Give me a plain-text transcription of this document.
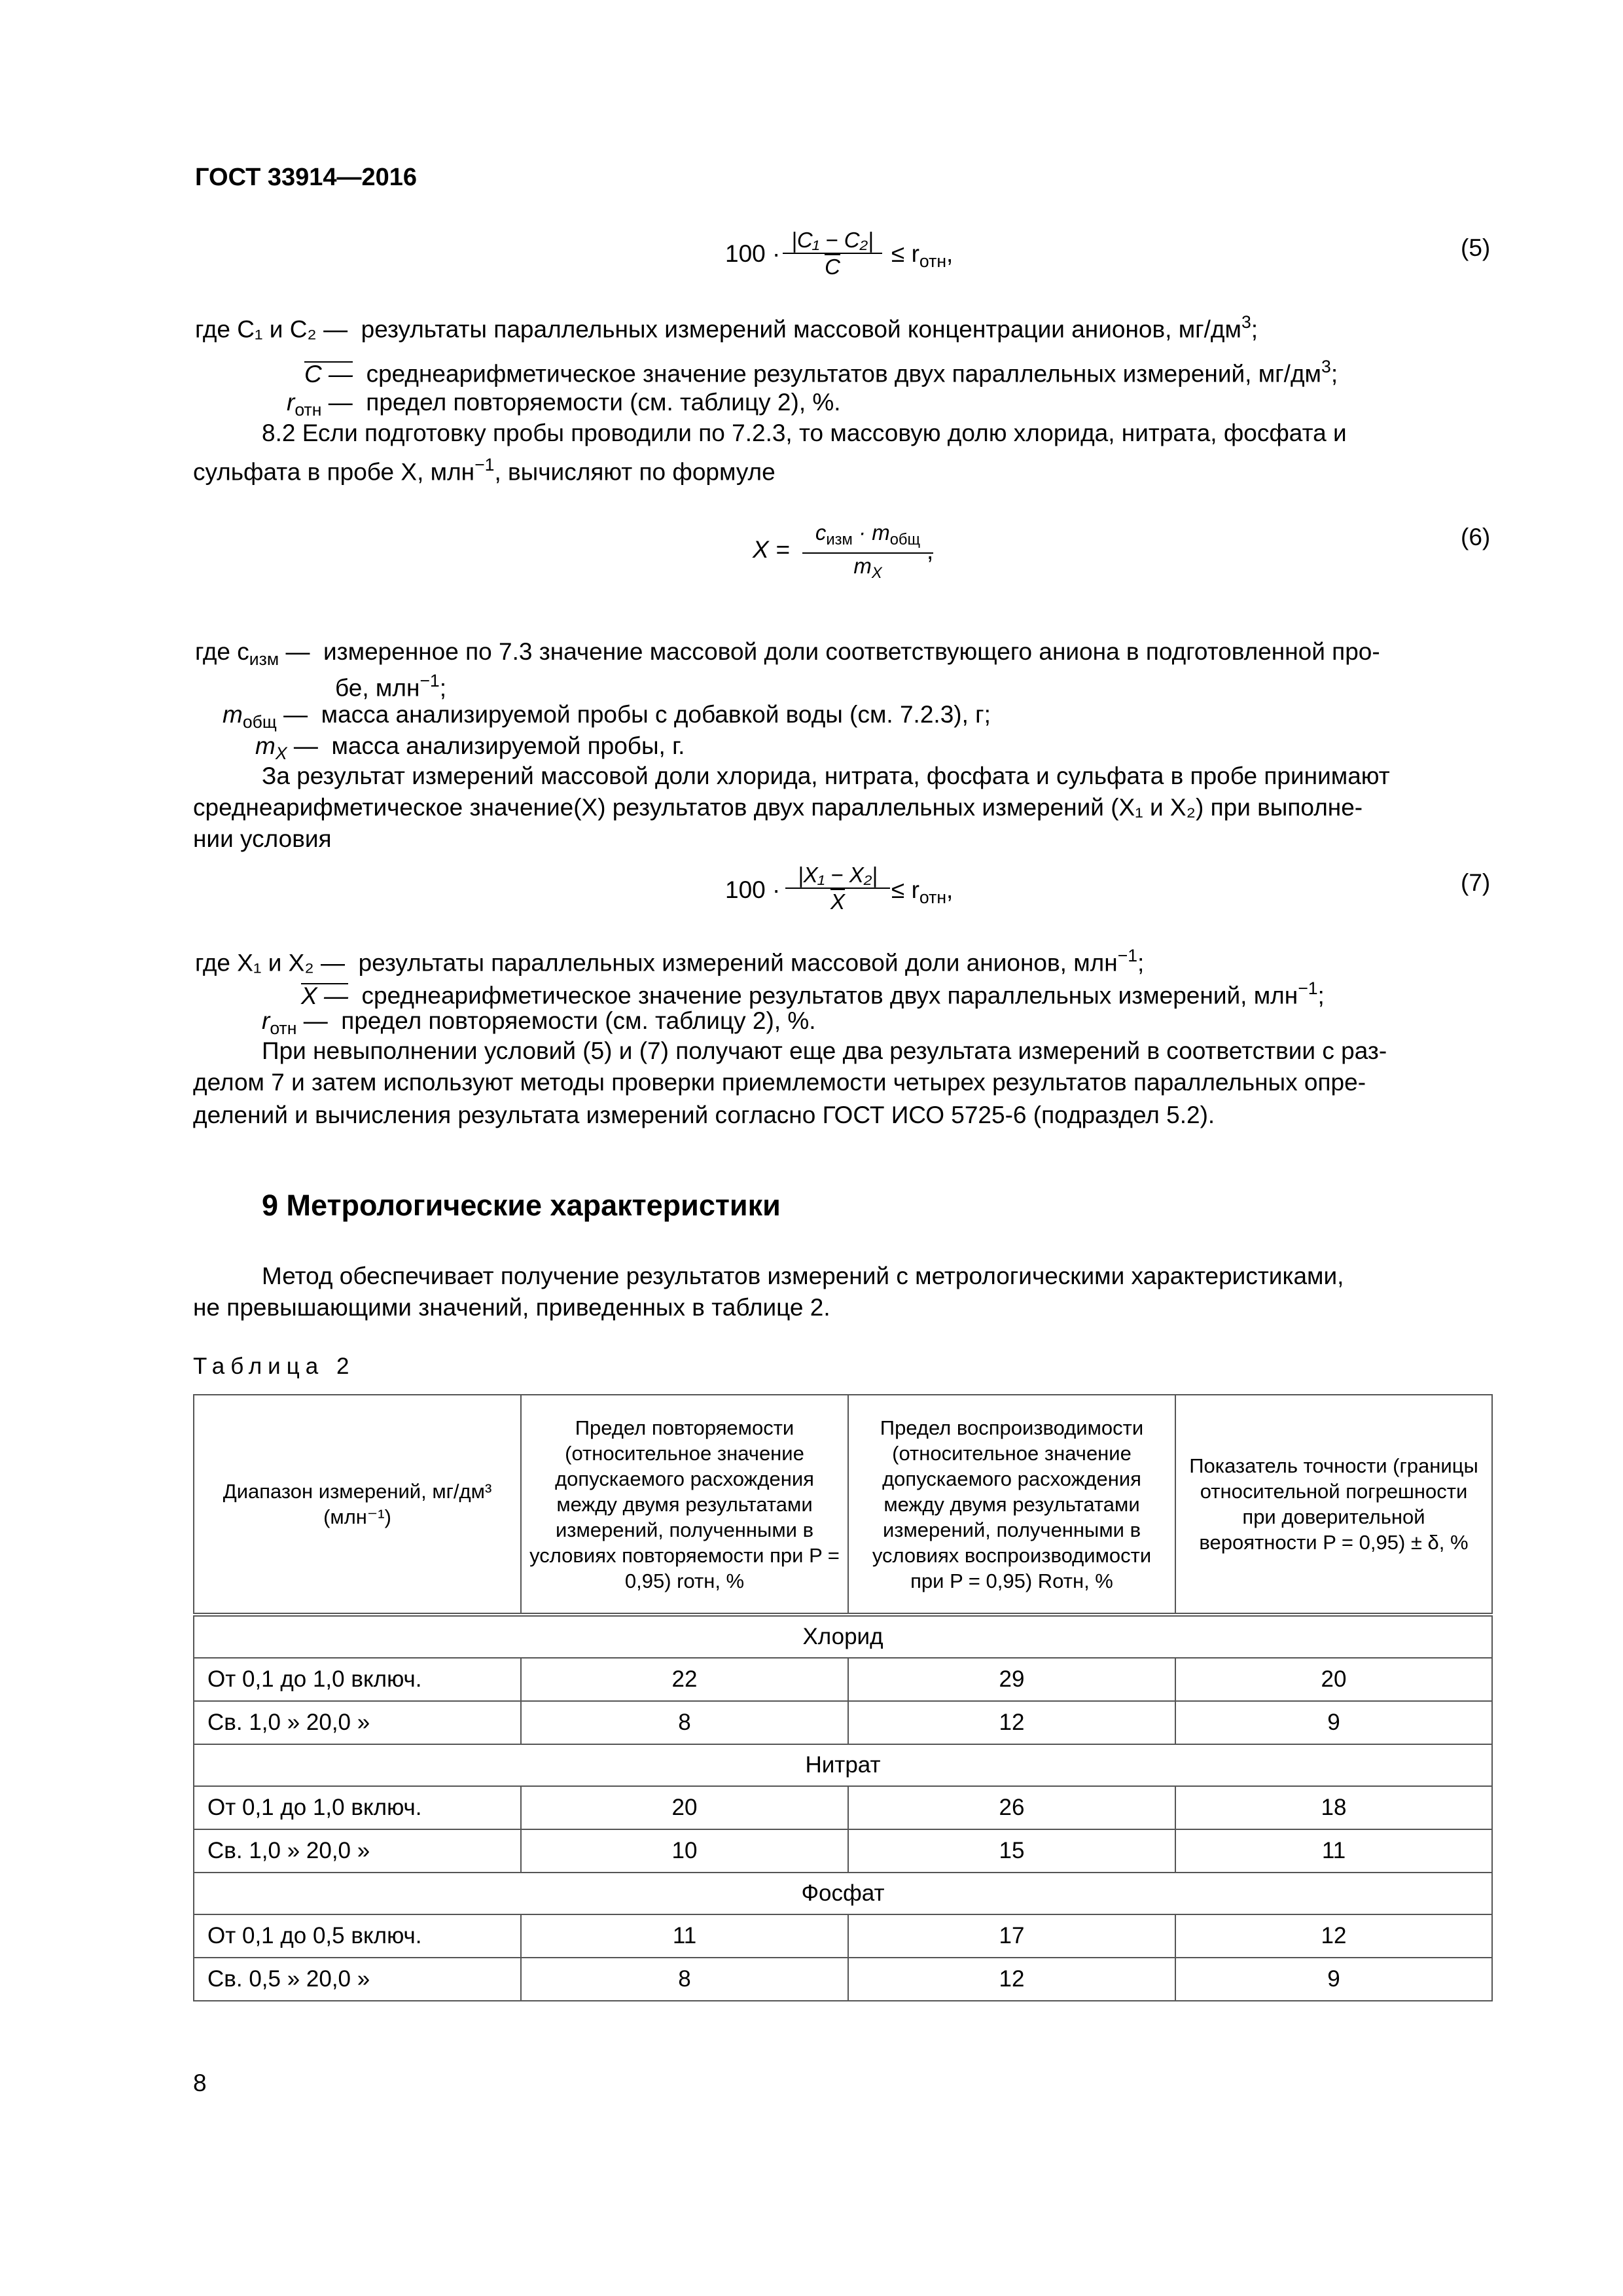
ГОСТ 33914—2016
100 ·
|C₁ − C₂|
C	≤ $r_{отн}$,	(5)
где C₁ и C₂ — результаты параллельных измерений массовой концентрации анионов, $мг/дм^3$;
C — среднеарифметическое значение результатов двух параллельных измерений, $мг/дм^3$;
$r_{отн}$ — предел повторяемости (см. таблицу 2), %.
8.2 Если подготовку пробы проводили по 7.2.3, то массовую долю хлорида, нитрата, фосфата и
сульфата в пробе X, млн$^{-1}$, вычисляют по формуле
X =
$c_{изм} \cdot m_{общ}$
$m_X$
,
(6)
где $c_{изм}$ — измеренное по 7.3 значение массовой доли соответствующего аниона в подготовленной про-
бе, млн$^{-1}$;
$m_{общ}$ — масса анализируемой пробы с добавкой воды (см. 7.2.3), г;
$m_X$ — масса анализируемой пробы, г.
За результат измерений массовой доли хлорида, нитрата, фосфата и сульфата в пробе принимают
среднеарифметическое значение(X) результатов двух параллельных измерений (X₁ и X₂) при выполне-
нии условия
100 ·
|X₁ − X₂|
X	≤ $r_{отн}$,	(7)
где X₁ и X₂ — результаты параллельных измерений массовой доли анионов, млн$^{-1}$;
X — среднеарифметическое значение результатов двух параллельных измерений, млн$^{-1}$;
$r_{отн}$ — предел повторяемости (см. таблицу 2), %.
При невыполнении условий (5) и (7) получают еще два результата измерений в соответствии с раз-
делом 7 и затем используют методы проверки приемлемости четырех результатов параллельных опре-
делений и вычисления результата измерений согласно ГОСТ ИСО 5725-6 (подраздел 5.2).
9 Метрологические характеристики
Метод обеспечивает получение результатов измерений с метрологическими характеристиками,
не превышающими значений, приведенных в таблице 2.
Таблица 2
Диапазон измерений, мг/дм³ (млн⁻¹)	Предел повторяемости (относительное значение допускаемого расхождения между двумя результатами измерений, полученными в условиях повторяемости при P = 0,95) rотн, %	Предел воспроизводимости (относительное значение допускаемого расхождения между двумя результатами измерений, полученными в условиях воспроизводимости при P = 0,95) Rотн, %	Показатель точности (границы относительной погрешности при доверительной вероятности P = 0,95) ± δ, %
Хлорид			
От 0,1 до 1,0 включ.	22	29	20
Св. 1,0 » 20,0 »	8	12	9
Нитрат			
От 0,1 до 1,0 включ.	20	26	18
Св. 1,0 » 20,0 »	10	15	11
Фосфат			
От 0,1 до 0,5 включ.	11	17	12
Св. 0,5 » 20,0 »	8	12	9
8
